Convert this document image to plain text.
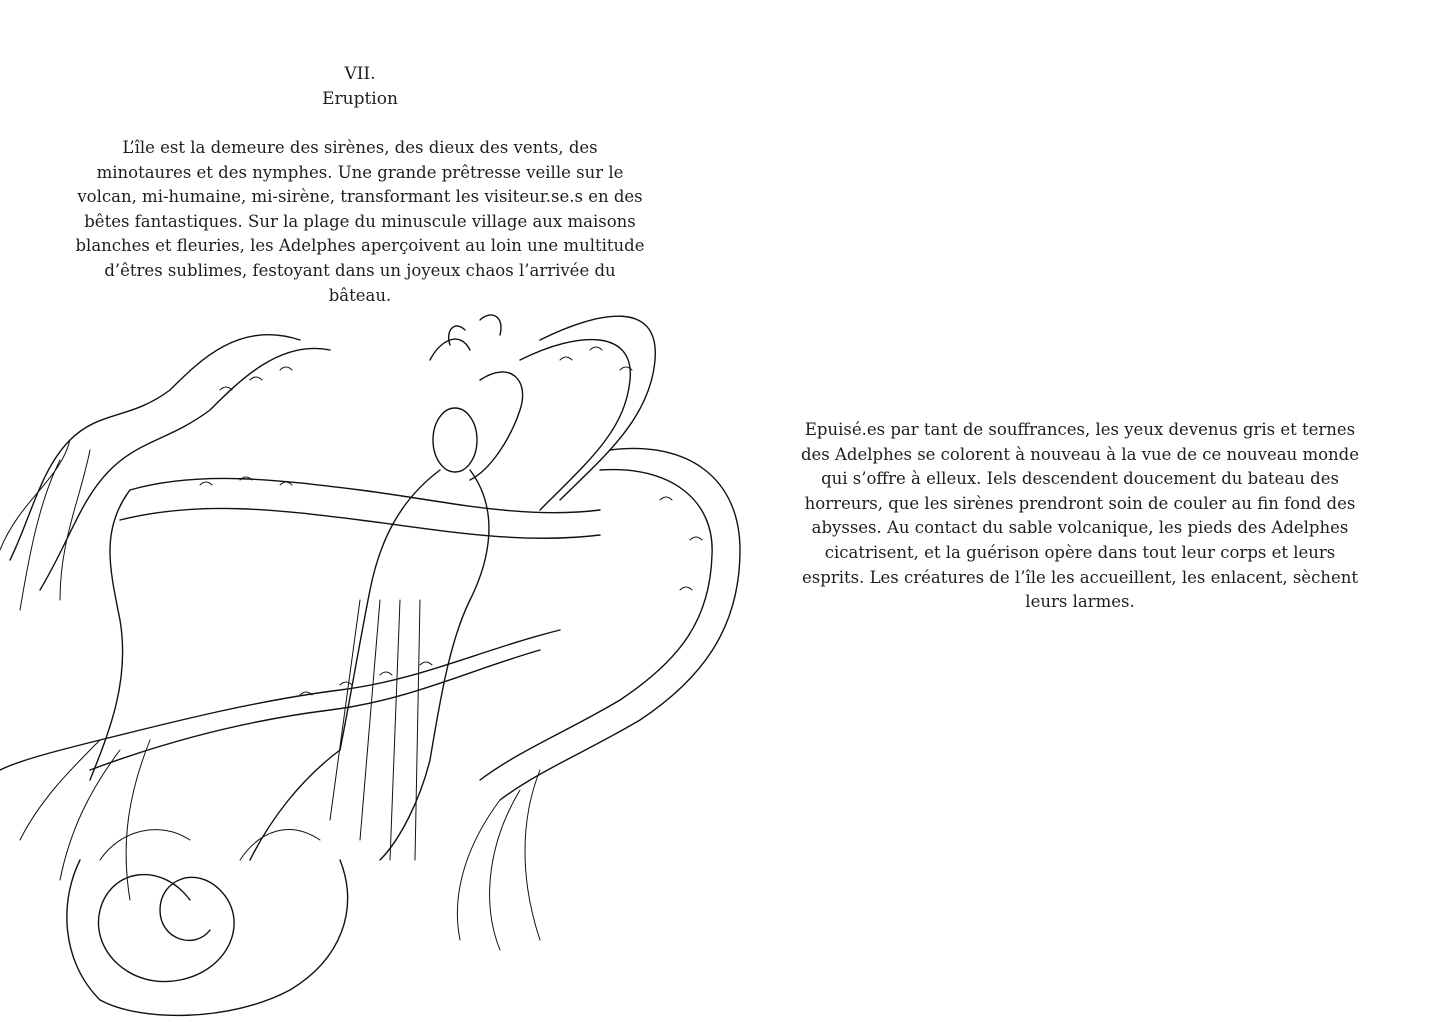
VII.
Eruption
L’île est la demeure des sirènes, des dieux des vents, des
minotaures et des nymphes. Une grande prêtresse veille sur le
volcan, mi-humaine, mi-sirène, transformant les visiteur.se.s en des
bêtes fantastiques. Sur la plage du minuscule village aux maisons
blanches et fleuries, les Adelphes aperçoivent au loin une multitude
d’êtres sublimes, festoyant dans un joyeux chaos l’arrivée du
bâteau.
Epuisé.es par tant de souffrances, les yeux devenus gris et ternes
des Adelphes se colorent à nouveau à la vue de ce nouveau monde
qui s’offre à elleux. Iels descendent doucement du bateau des
horreurs, que les sirènes prendront soin de couler au fin fond des
abysses. Au contact du sable volcanique, les pieds des Adelphes
cicatrisent, et la guérison opère dans tout leur corps et leurs
esprits. Les créatures de l’île les accueillent, les enlacent, sèchent
leurs larmes.
